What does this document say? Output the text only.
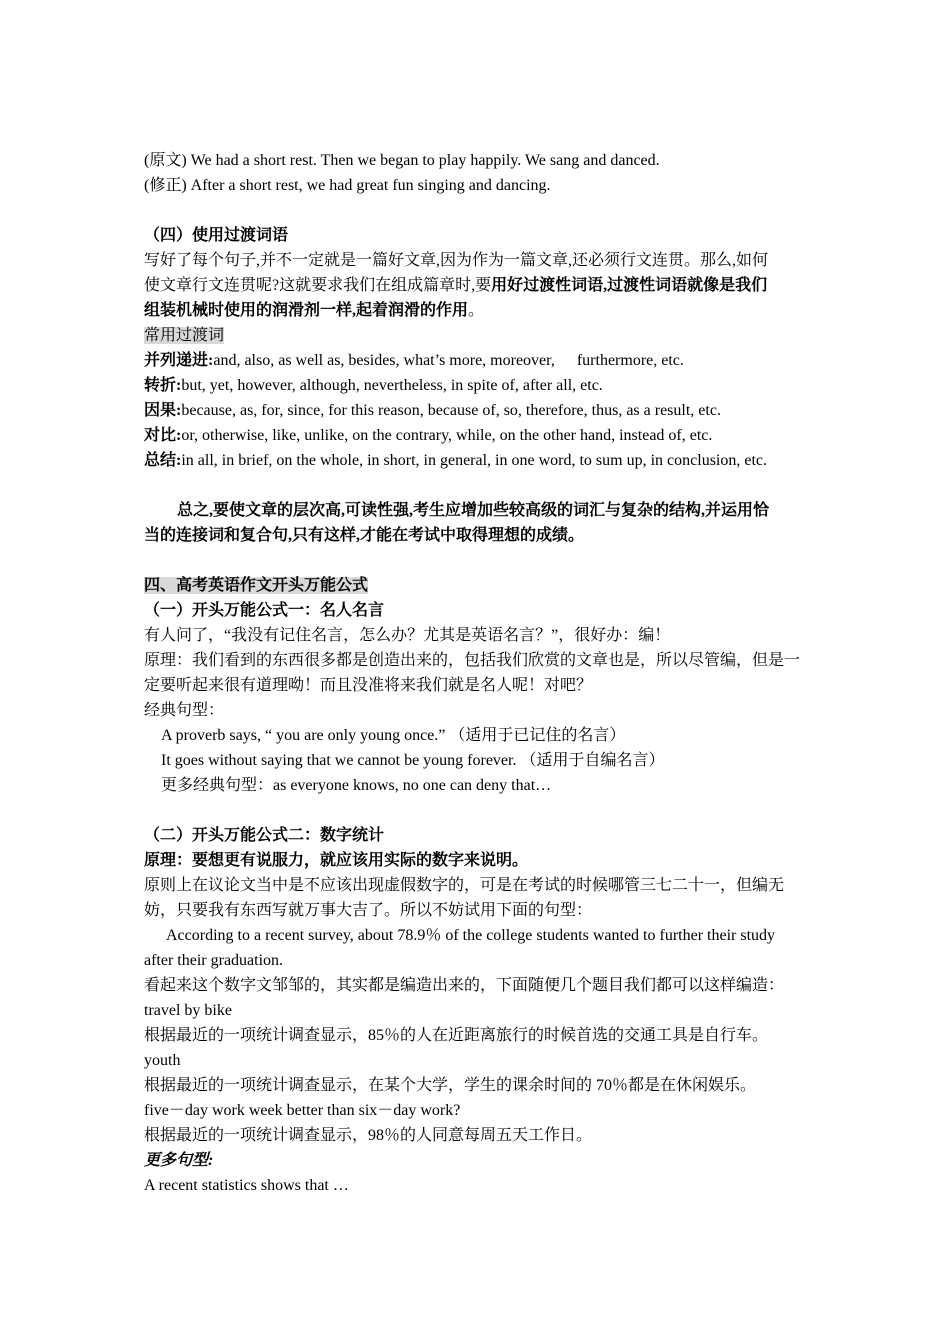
(原文) We had a short rest. Then we began to play happily. We sang and danced.
(修正) After a short rest, we had great fun singing and dancing.
（四）使用过渡词语
写好了每个句子,并不一定就是一篇好文章,因为作为一篇文章,还必须行文连贯。那么,如何
使文章行文连贯呢?这就要求我们在组成篇章时,要用好过渡性词语,过渡性词语就像是我们
组装机械时使用的润滑剂一样,起着润滑的作用。
常用过渡词
并列递进:and, also, as well as, besides, what’s more, moreover, furthermore, etc.
转折:but, yet, however, although, nevertheless, in spite of, after all, etc.
因果:because, as, for, since, for this reason, because of, so, therefore, thus, as a result, etc.
对比:or, otherwise, like, unlike, on the contrary, while, on the other hand, instead of, etc.
总结:in all, in brief, on the whole, in short, in general, in one word, to sum up, in conclusion, etc.
总之,要使文章的层次高,可读性强,考生应增加些较高级的词汇与复杂的结构,并运用恰
当的连接词和复合句,只有这样,才能在考试中取得理想的成绩。
四、高考英语作文开头万能公式
（一）开头万能公式一：名人名言
有人问了，“我没有记住名言，怎么办？尤其是英语名言？”，很好办：编！
原理：我们看到的东西很多都是创造出来的，包括我们欣赏的文章也是，所以尽管编，但是一
定要听起来很有道理呦！而且没准将来我们就是名人呢！对吧？
经典句型：
A proverb says, “ you are only young once.” （适用于已记住的名言）
It goes without saying that we cannot be young forever. （适用于自编名言）
更多经典句型：as everyone knows, no one can deny that…
（二）开头万能公式二：数字统计
原理：要想更有说服力，就应该用实际的数字来说明。
原则上在议论文当中是不应该出现虚假数字的，可是在考试的时候哪管三七二十一，但编无
妨，只要我有东西写就万事大吉了。所以不妨试用下面的句型：
According to a recent survey, about 78.9％ of the college students wanted to further their study
after their graduation.
看起来这个数字文邹邹的，其实都是编造出来的，下面随便几个题目我们都可以这样编造：
travel by bike
根据最近的一项统计调查显示，85％的人在近距离旅行的时候首选的交通工具是自行车。
youth
根据最近的一项统计调查显示，在某个大学，学生的课余时间的 70％都是在休闲娱乐。
five－day work week better than six－day work?
根据最近的一项统计调查显示，98％的人同意每周五天工作日。
更多句型:
A recent statistics shows that …
